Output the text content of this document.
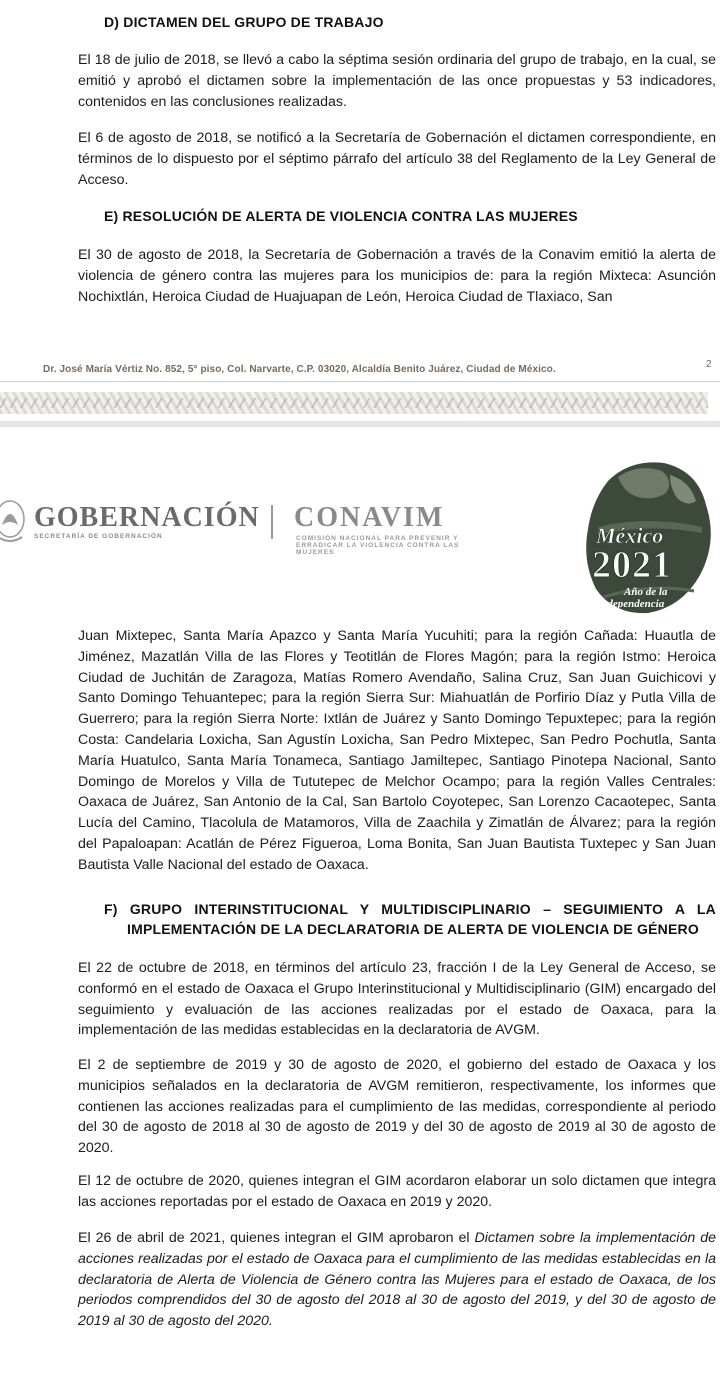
D) DICTAMEN DEL GRUPO DE TRABAJO
El 18 de julio de 2018, se llevó a cabo la séptima sesión ordinaria del grupo de trabajo, en la cual, se emitió y aprobó el dictamen sobre la implementación de las once propuestas y 53 indicadores, contenidos en las conclusiones realizadas.
El 6 de agosto de 2018, se notificó a la Secretaría de Gobernación el dictamen correspondiente, en términos de lo dispuesto por el séptimo párrafo del artículo 38 del Reglamento de la Ley General de Acceso.
E) RESOLUCIÓN DE ALERTA DE VIOLENCIA CONTRA LAS MUJERES
El 30 de agosto de 2018, la Secretaría de Gobernación a través de la Conavim emitió la alerta de violencia de género contra las mujeres para los municipios de: para la región Mixteca: Asunción Nochixtlán, Heroica Ciudad de Huajuapan de León, Heroica Ciudad de Tlaxiaco, San
Dr. José María Vértiz No. 852, 5° piso, Col. Narvarte, C.P. 03020, Alcaldía Benito Juárez, Ciudad de México.	2
GOBERNACIÓN
SECRETARÍA DE GOBERNACIÓN
CONAVIM
COMISIÓN NACIONAL PARA PREVENIR Y ERRADICAR LA VIOLENCIA CONTRA LAS MUJERES
México
2021
Año de la
Independencia
Juan Mixtepec, Santa María Apazco y Santa María Yucuhiti; para la región Cañada: Huautla de Jiménez, Mazatlán Villa de las Flores y Teotitlán de Flores Magón; para la región Istmo: Heroica Ciudad de Juchitán de Zaragoza, Matías Romero Avendaño, Salina Cruz, San Juan Guichicovi y Santo Domingo Tehuantepec; para la región Sierra Sur: Miahuatlán de Porfirio Díaz y Putla Villa de Guerrero; para la región Sierra Norte: Ixtlán de Juárez y Santo Domingo Tepuxtepec; para la región Costa: Candelaria Loxicha, San Agustín Loxicha, San Pedro Mixtepec, San Pedro Pochutla, Santa María Huatulco, Santa María Tonameca, Santiago Jamiltepec, Santiago Pinotepa Nacional, Santo Domingo de Morelos y Villa de Tututepec de Melchor Ocampo; para la región Valles Centrales: Oaxaca de Juárez, San Antonio de la Cal, San Bartolo Coyotepec, San Lorenzo Cacaotepec, Santa Lucía del Camino, Tlacolula de Matamoros, Villa de Zaachila y Zimatlán de Álvarez; para la región del Papaloapan: Acatlán de Pérez Figueroa, Loma Bonita, San Juan Bautista Tuxtepec y San Juan Bautista Valle Nacional del estado de Oaxaca.
F) GRUPO INTERINSTITUCIONAL Y MULTIDISCIPLINARIO – SEGUIMIENTO A LA
IMPLEMENTACIÓN DE LA DECLARATORIA DE ALERTA DE VIOLENCIA DE GÉNERO
El 22 de octubre de 2018, en términos del artículo 23, fracción I de la Ley General de Acceso, se conformó en el estado de Oaxaca el Grupo Interinstitucional y Multidisciplinario (GIM) encargado del seguimiento y evaluación de las acciones realizadas por el estado de Oaxaca, para la implementación de las medidas establecidas en la declaratoria de AVGM.
El 2 de septiembre de 2019 y 30 de agosto de 2020, el gobierno del estado de Oaxaca y los municipios señalados en la declaratoria de AVGM remitieron, respectivamente, los informes que contienen las acciones realizadas para el cumplimiento de las medidas, correspondiente al periodo del 30 de agosto de 2018 al 30 de agosto de 2019 y del 30 de agosto de 2019 al 30 de agosto de 2020.
El 12 de octubre de 2020, quienes integran el GIM acordaron elaborar un solo dictamen que integra las acciones reportadas por el estado de Oaxaca en 2019 y 2020.
El 26 de abril de 2021, quienes integran el GIM aprobaron el Dictamen sobre la implementación de acciones realizadas por el estado de Oaxaca para el cumplimiento de las medidas establecidas en la declaratoria de Alerta de Violencia de Género contra las Mujeres para el estado de Oaxaca, de los periodos comprendidos del 30 de agosto del 2018 al 30 de agosto del 2019, y del 30 de agosto de 2019 al 30 de agosto del 2020.
